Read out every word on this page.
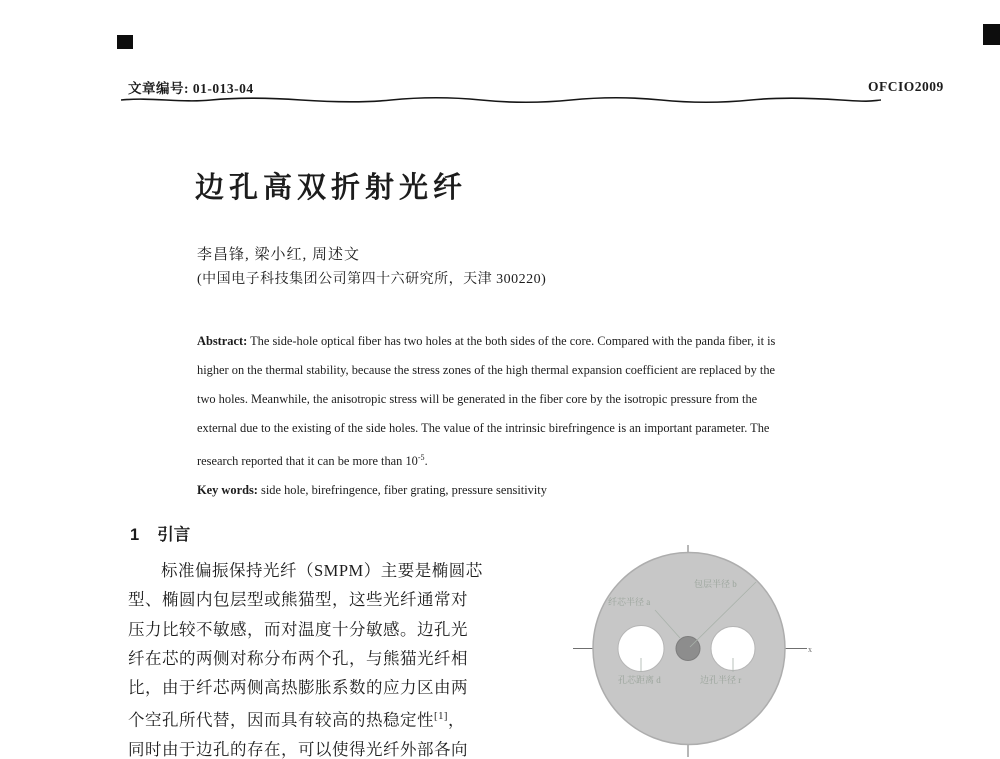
文章编号: 01-013-04	OFCIO2009
边孔高双折射光纤
李昌锋, 梁小红, 周述文
(中国电子科技集团公司第四十六研究所，天津 300220)
Abstract: The side-hole optical fiber has two holes at the both sides of the core. Compared with the panda fiber, it is
higher on the thermal stability, because the stress zones of the high thermal expansion coefficient are replaced by the
two holes. Meanwhile, the anisotropic stress will be generated in the fiber core by the isotropic pressure from the
external due to the existing of the side holes. The value of the intrinsic birefringence is an important parameter. The
research reported that it can be more than $10^{-5}$.
Key words: side hole, birefringence, fiber grating, pressure sensitivity
1 引言
标准偏振保持光纤（SMPM）主要是椭圆芯
型、椭圆内包层型或熊猫型，这些光纤通常对
压力比较不敏感，而对温度十分敏感。边孔光
纤在芯的两侧对称分布两个孔，与熊猫光纤相
比，由于纤芯两侧高热膨胀系数的应力区由两
个空孔所代替，因而具有较高的热稳定性[1]，
同时由于边孔的存在，可以使得光纤外部各向
x
包层半径 b
纤芯半径 a
孔芯距离 d	边孔半径 r
